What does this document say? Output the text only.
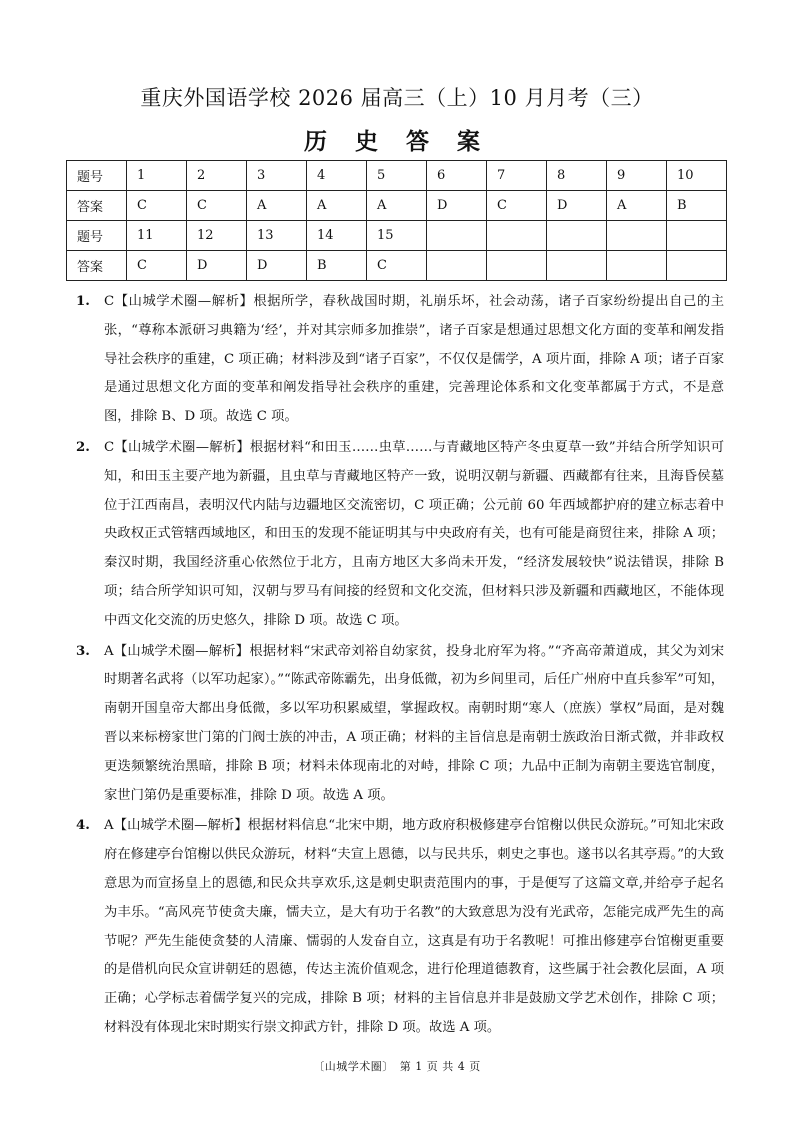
重庆外国语学校 2026 届高三（上）10 月月考（三）
历 史 答 案
题号	1	2	3	4	5	6	7	8	9	10
答案	C	C	A	A	A	D	C	D	A	B
题号	11	12	13	14	15					
答案	C	D	D	B	C					
1. C【山城学术圈—解析】根据所学，春秋战国时期，礼崩乐坏，社会动荡，诸子百家纷纷提出自己的主张，“尊称本派研习典籍为‘经’，并对其宗师多加推崇”，诸子百家是想通过思想文化方面的变革和阐发指导社会秩序的重建，C 项正确；材料涉及到“诸子百家”，不仅仅是儒学，A 项片面，排除 A 项；诸子百家是通过思想文化方面的变革和阐发指导社会秩序的重建，完善理论体系和文化变革都属于方式，不是意图，排除 B、D 项。故选 C 项。
2. C【山城学术圈—解析】根据材料“和田玉……虫草……与青藏地区特产冬虫夏草一致”并结合所学知识可知，和田玉主要产地为新疆，且虫草与青藏地区特产一致，说明汉朝与新疆、西藏都有往来，且海昏侯墓位于江西南昌，表明汉代内陆与边疆地区交流密切，C 项正确；公元前 60 年西域都护府的建立标志着中央政权正式管辖西域地区，和田玉的发现不能证明其与中央政府有关，也有可能是商贸往来，排除 A 项；秦汉时期，我国经济重心依然位于北方，且南方地区大多尚未开发，“经济发展较快”说法错误，排除 B 项；结合所学知识可知，汉朝与罗马有间接的经贸和文化交流，但材料只涉及新疆和西藏地区，不能体现中西文化交流的历史悠久，排除 D 项。故选 C 项。
3. A【山城学术圈—解析】根据材料“宋武帝刘裕自幼家贫，投身北府军为将。”“齐高帝萧道成，其父为刘宋时期著名武将（以军功起家）。”“陈武帝陈霸先，出身低微，初为乡间里司，后任广州府中直兵参军”可知，南朝开国皇帝大都出身低微，多以军功积累威望，掌握政权。南朝时期“寒人（庶族）掌权”局面，是对魏晋以来标榜家世门第的门阀士族的冲击，A 项正确；材料的主旨信息是南朝士族政治日渐式微，并非政权更迭频繁统治黑暗，排除 B 项；材料未体现南北的对峙，排除 C 项；九品中正制为南朝主要选官制度，家世门第仍是重要标准，排除 D 项。故选 A 项。
4. A【山城学术圈—解析】根据材料信息“北宋中期，地方政府积极修建亭台馆榭以供民众游玩。”可知北宋政府在修建亭台馆榭以供民众游玩，材料“夫宣上恩德，以与民共乐，刺史之事也。遂书以名其亭焉。”的大致意思为而宣扬皇上的恩德,和民众共享欢乐,这是刺史职责范围内的事，于是便写了这篇文章,并给亭子起名为丰乐。“高风亮节使贪夫廉，懦夫立，是大有功于名教”的大致意思为没有光武帝，怎能完成严先生的高节呢？严先生能使贪婪的人清廉、懦弱的人发奋自立，这真是有功于名教呢！可推出修建亭台馆榭更重要的是借机向民众宣讲朝廷的恩德，传达主流价值观念，进行伦理道德教育，这些属于社会教化层面，A 项正确；心学标志着儒学复兴的完成，排除 B 项；材料的主旨信息并非是鼓励文学艺术创作，排除 C 项；材料没有体现北宋时期实行崇文抑武方针，排除 D 项。故选 A 项。
〔山城学术圈〕　第 1 页 共 4 页
